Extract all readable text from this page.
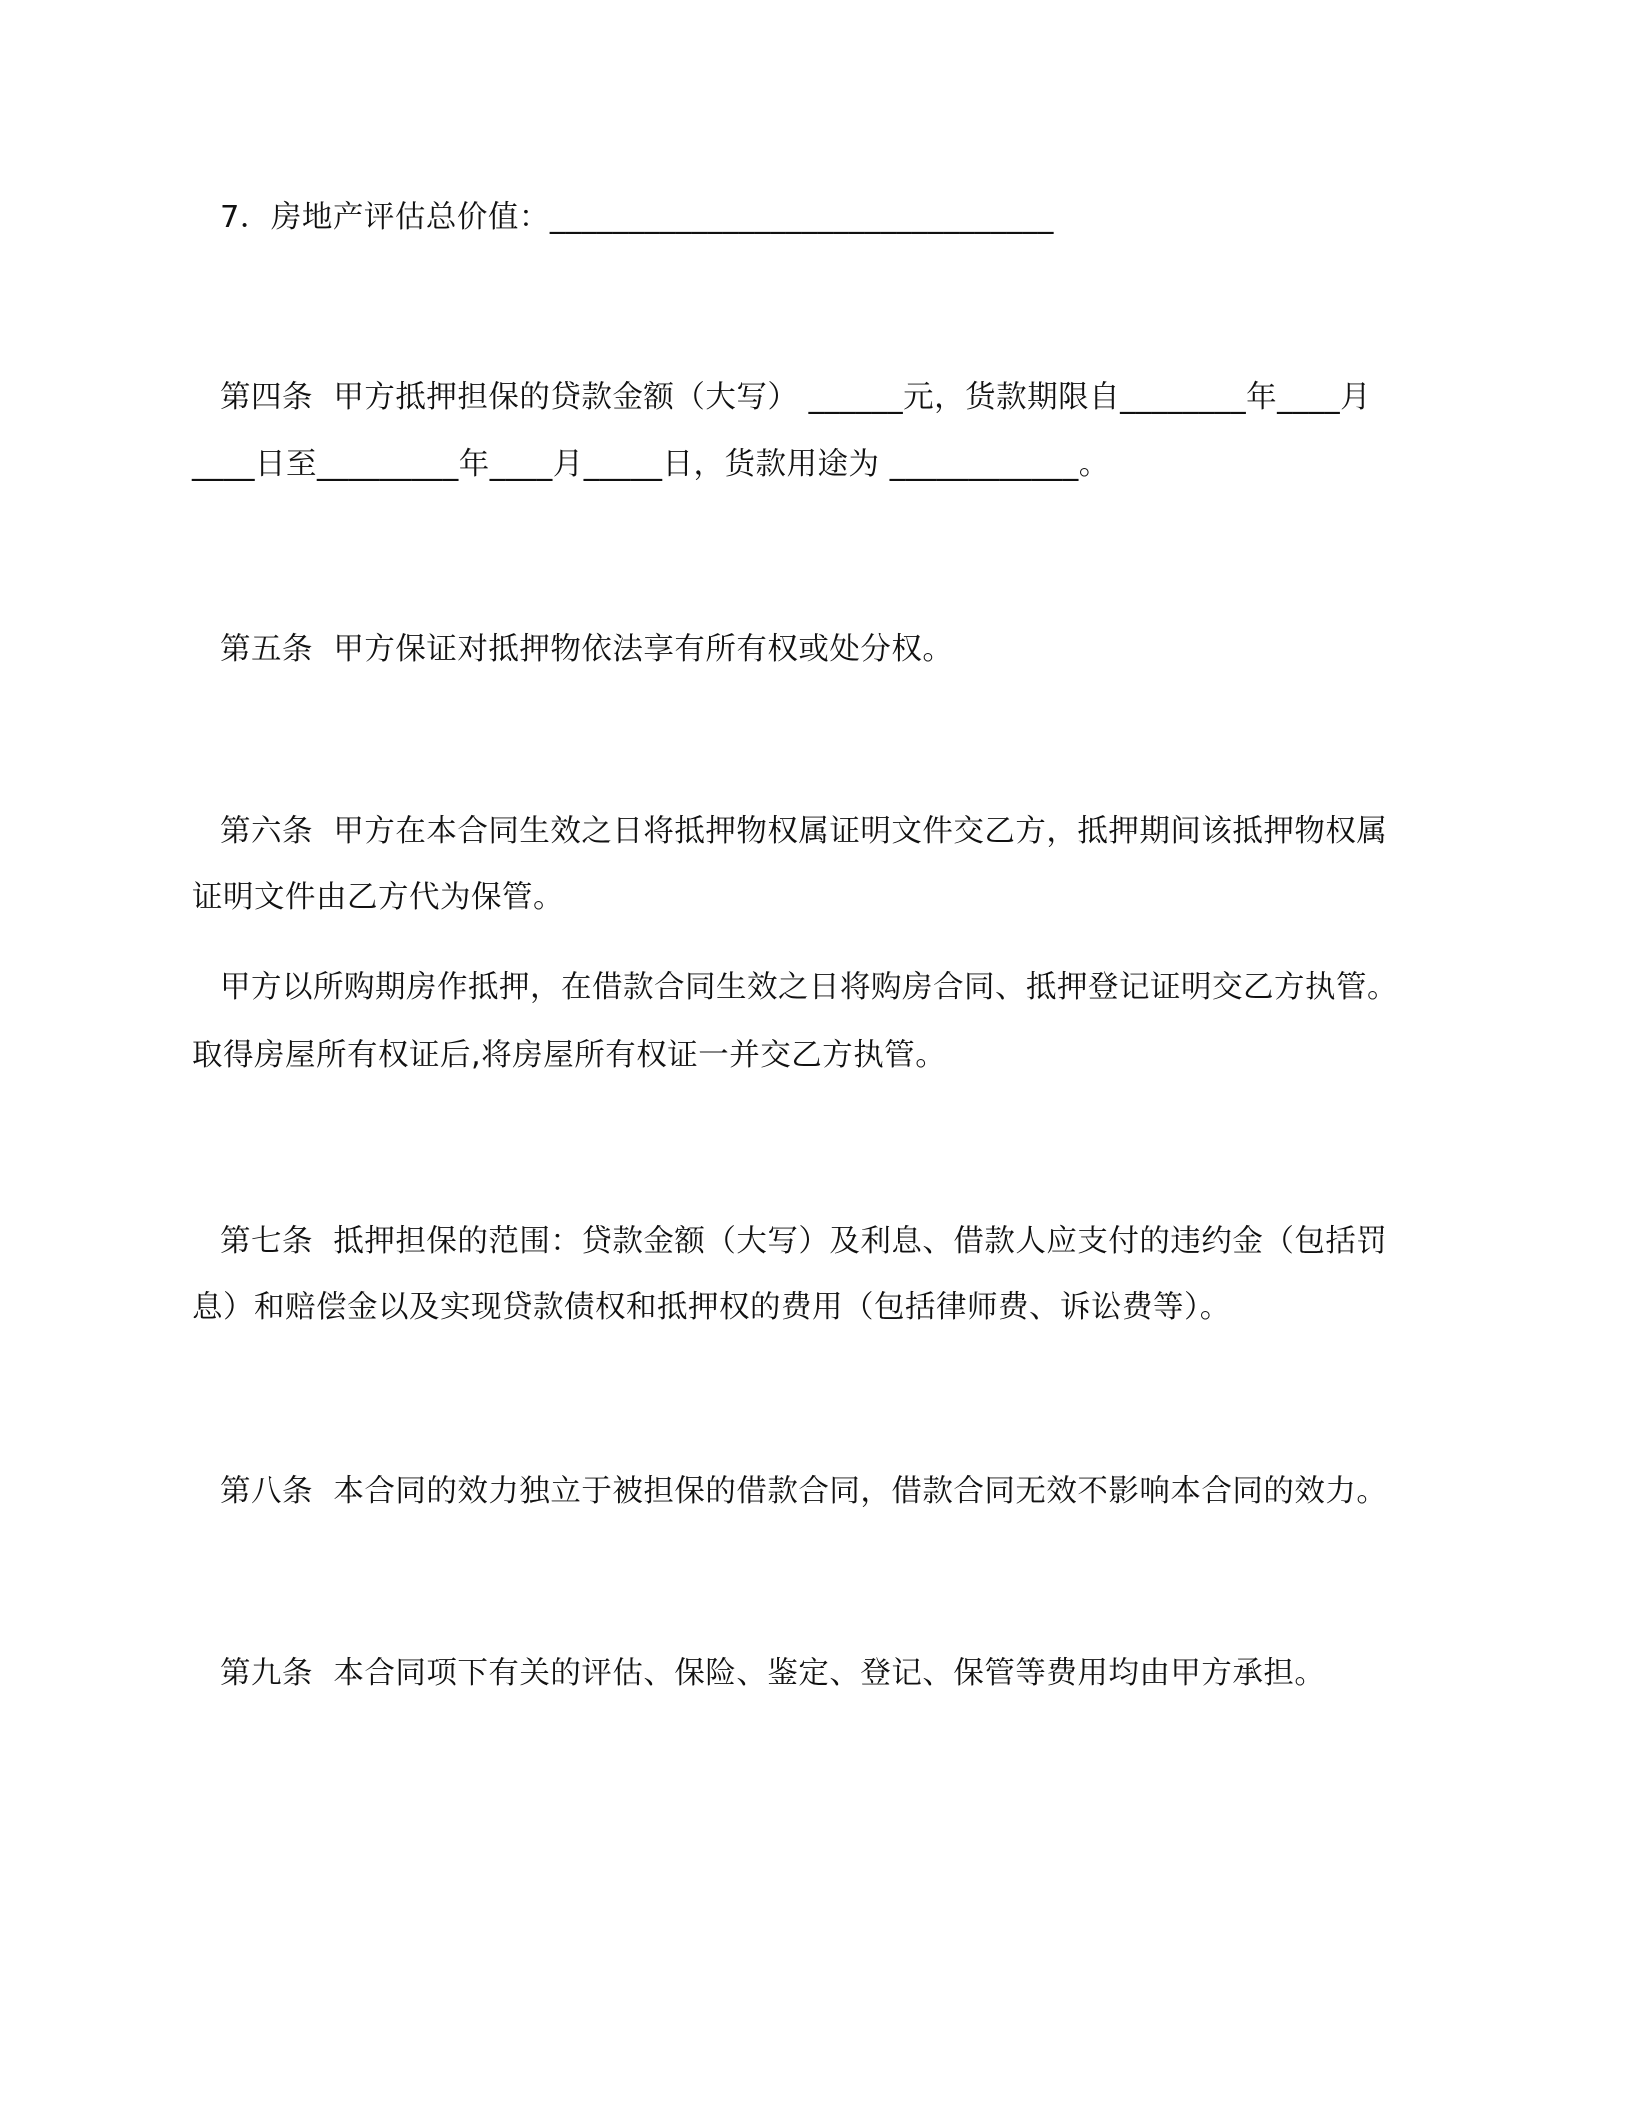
7．房地产评估总价值：________________________________
第四条  甲方抵押担保的贷款金额（大写） ______元，货款期限自________年____月
____日至_________年____月_____日，货款用途为 ____________。
第五条  甲方保证对抵押物依法享有所有权或处分权。
第六条  甲方在本合同生效之日将抵押物权属证明文件交乙方，抵押期间该抵押物权属
证明文件由乙方代为保管。
甲方以所购期房作抵押，在借款合同生效之日将购房合同、抵押登记证明交乙方执管。
取得房屋所有权证后,将房屋所有权证一并交乙方执管。
第七条  抵押担保的范围：贷款金额（大写）及利息、借款人应支付的违约金（包括罚
息）和赔偿金以及实现贷款债权和抵押权的费用（包括律师费、诉讼费等）。
第八条  本合同的效力独立于被担保的借款合同，借款合同无效不影响本合同的效力。
第九条  本合同项下有关的评估、保险、鉴定、登记、保管等费用均由甲方承担。
